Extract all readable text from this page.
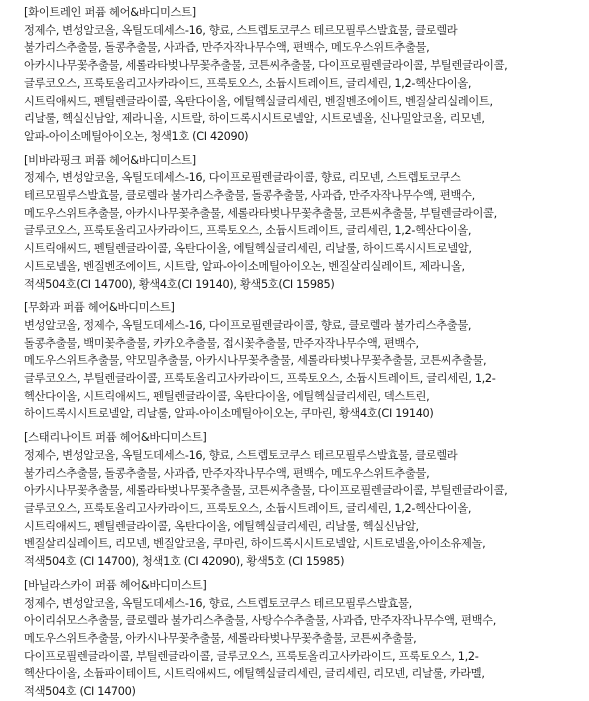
[화이트레인 퍼퓸 헤어&바디미스트]
정제수, 변성알코올, 옥틸도데세스-16, 향료, 스트렙토코쿠스 테르모필루스발효물, 클로렐라
불가리스추출물, 돌콩추출물, 사과즙, 만주자작나무수액, 편백수, 메도우스위트추출물,
아카시나무꽃추출물, 세롤라타벚나무꽃추출물, 코튼씨추출물, 다이프로필렌글라이콜, 부틸렌글라이콜,
글루코오스, 프룩토올리고사카라이드, 프룩토오스, 소듐시트레이트, 글리세린, 1,2-헥산다이올,
시트릭애씨드, 펜틸렌글라이콜, 옥탄다이올, 에틸헥실글리세린, 벤질벤조에이트, 벤질살리실레이트,
리날룰, 헥실신남알, 제라니올, 시트랄, 하이드록시시트로넬알, 시트로넬올, 신나밀알코올, 리모넨,
알파-아이소메틸아이오논, 청색1호 (CI 42090)
[비바라핑크 퍼퓸 헤어&바디미스트]
정제수, 변성알코올, 옥틸도데세스-16, 다이프로필렌글라이콜, 향료, 리모넨, 스트렙토코쿠스
테르모필루스발효물, 클로렐라 불가리스추출물, 돌콩추출물, 사과즙, 만주자작나무수액, 편백수,
메도우스위트추출물, 아카시나무꽃추출물, 세롤라타벚나무꽃추출물, 코튼씨추출물, 부틸렌글라이콜,
글루코오스, 프룩토올리고사카라이드, 프룩토오스, 소듐시트레이트, 글리세린, 1,2-헥산다이올,
시트릭애씨드, 펜틸렌글라이콜, 옥탄다이올, 에틸헥실글리세린, 리날룰, 하이드록시시트로넬알,
시트로넬올, 벤질벤조에이트, 시트랄, 알파-아이소메틸아이오논, 벤질살리실레이트, 제라니올,
적색504호(CI 14700), 황색4호(CI 19140), 황색5호(CI 15985)
[무화과 퍼퓸 헤어&바디미스트]
변성알코올, 정제수, 옥틸도데세스-16, 다이프로필렌글라이콜, 향료, 클로렐라 불가리스추출물,
돌콩추출물, 백미꽃추출물, 카카오추출물, 접시꽃추출물, 만주자작나무수액, 편백수,
메도우스위트추출물, 약모밀추출물, 아카시나무꽃추출물, 세롤라타벚나무꽃추출물, 코튼씨추출물,
글루코오스, 부틸렌글라이콜, 프룩토올리고사카라이드, 프룩토오스, 소듐시트레이트, 글리세린, 1,2-
헥산다이올, 시트릭애씨드, 펜틸렌글라이콜, 옥탄다이올, 에틸헥실글리세린, 덱스트린,
하이드록시시트로넬알, 리날룰, 알파-아이소메틸아이오논, 쿠마린, 황색4호(CI 19140)
[스태리나이트 퍼퓸 헤어&바디미스트]
정제수, 변성알코올, 옥틸도데세스-16, 향료, 스트렙토코쿠스 테르모필루스발효물, 클로렐라
불가리스추출물, 돌콩추출물, 사과즙, 만주자작나무수액, 편백수, 메도우스위트추출물,
아카시나무꽃추출물, 세롤라타벚나무꽃추출물, 코튼씨추출물, 다이프로필렌글라이콜, 부틸렌글라이콜,
글루코오스, 프룩토올리고사카라이드, 프룩토오스, 소듐시트레이트, 글리세린, 1,2-헥산다이올,
시트릭애씨드, 펜틸렌글라이콜, 옥탄다이올, 에틸헥실글리세린, 리날룰, 헥실신남알,
벤질살리실레이트, 리모넨, 벤질알코올, 쿠마린, 하이드록시시트로넬알, 시트로넬올,아이소유제놀,
적색504호 (CI 14700), 청색1호 (CI 42090), 황색5호 (CI 15985)
[바닐라스카이 퍼퓸 헤어&바디미스트]
정제수, 변성알코올, 옥틸도데세스-16, 향료, 스트렙토코쿠스 테르모필루스발효물,
아이리쉬모스추출물, 클로렐라 불가리스추출물, 사탕수수추출물, 사과즙, 만주자작나무수액, 편백수,
메도우스위트추출물, 아카시나무꽃추출물, 세롤라타벚나무꽃추출물, 코튼씨추출물,
다이프로필렌글라이콜, 부틸렌글라이콜, 글루코오스, 프룩토올리고사카라이드, 프룩토오스, 1,2-
헥산다이올, 소듐파이테이트, 시트릭애씨드, 에틸헥실글리세린, 글리세린, 리모넨, 리날룰, 카라멜,
적색504호 (CI 14700)
